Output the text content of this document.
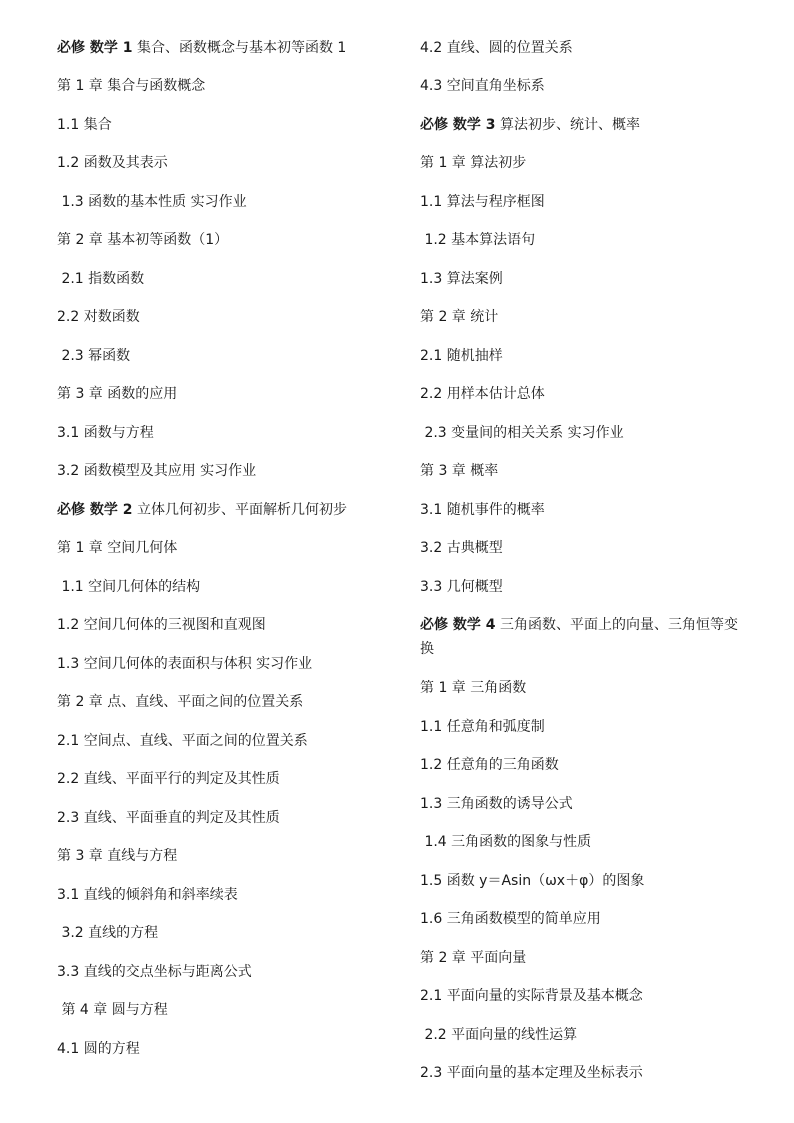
必修 数学 1 集合、函数概念与基本初等函数 1
第 1 章 集合与函数概念
1.1 集合
1.2 函数及其表示
1.3 函数的基本性质 实习作业
第 2 章 基本初等函数（1）
2.1 指数函数
2.2 对数函数
2.3 幂函数
第 3 章 函数的应用
3.1 函数与方程
3.2 函数模型及其应用 实习作业
必修 数学 2 立体几何初步、平面解析几何初步
第 1 章 空间几何体
1.1 空间几何体的结构
1.2 空间几何体的三视图和直观图
1.3 空间几何体的表面积与体积 实习作业
第 2 章 点、直线、平面之间的位置关系
2.1 空间点、直线、平面之间的位置关系
2.2 直线、平面平行的判定及其性质
2.3 直线、平面垂直的判定及其性质
第 3 章 直线与方程
3.1 直线的倾斜角和斜率续表
3.2 直线的方程
3.3 直线的交点坐标与距离公式
第 4 章 圆与方程
4.1 圆的方程
4.2 直线、圆的位置关系
4.3 空间直角坐标系
必修 数学 3 算法初步、统计、概率
第 1 章 算法初步
1.1 算法与程序框图
1.2 基本算法语句
1.3 算法案例
第 2 章 统计
2.1 随机抽样
2.2 用样本估计总体
2.3 变量间的相关关系 实习作业
第 3 章 概率
3.1 随机事件的概率
3.2 古典概型
3.3 几何概型
必修 数学 4 三角函数、平面上的向量、三角恒等变换
第 1 章 三角函数
1.1 任意角和弧度制
1.2 任意角的三角函数
1.3 三角函数的诱导公式
1.4 三角函数的图象与性质
1.5 函数 y＝Asin（ωx＋φ）的图象
1.6 三角函数模型的简单应用
第 2 章 平面向量
2.1 平面向量的实际背景及基本概念
2.2 平面向量的线性运算
2.3 平面向量的基本定理及坐标表示
